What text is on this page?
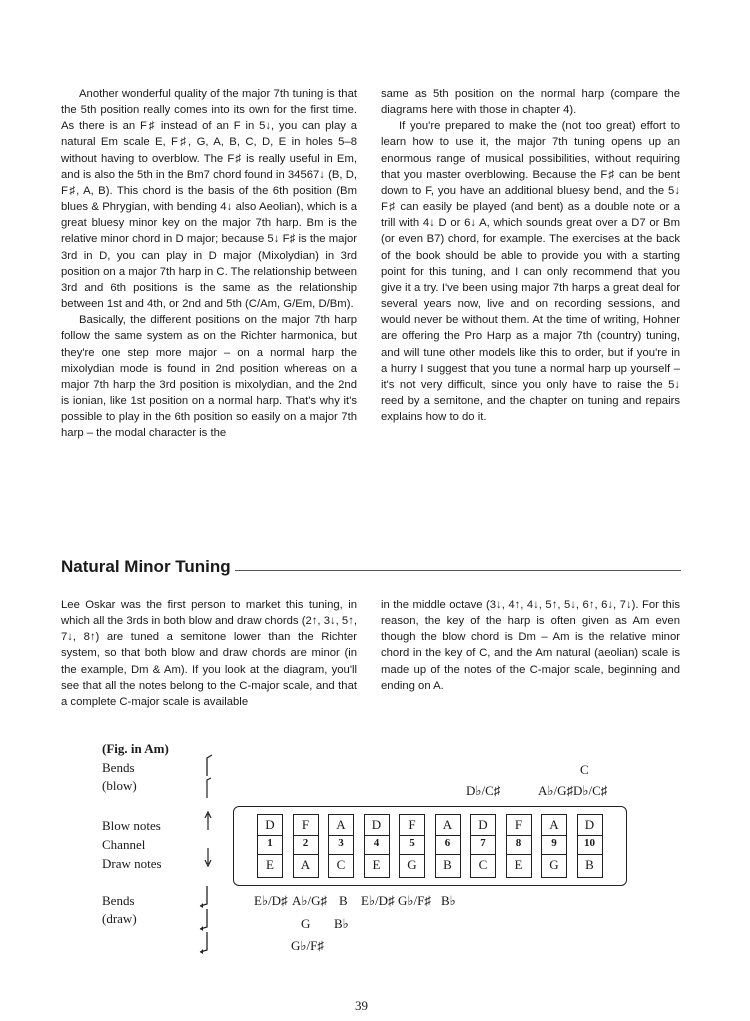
Another wonderful quality of the major 7th tuning is that the 5th position really comes into its own for the first time. As there is an F♯ instead of an F in 5↓, you can play a natural Em scale E, F♯, G, A, B, C, D, E in holes 5–8 without having to overblow. The F♯ is really useful in Em, and is also the 5th in the Bm7 chord found in 34567↓ (B, D, F♯, A, B). This chord is the basis of the 6th position (Bm blues & Phrygian, with bending 4↓ also Aeolian), which is a great bluesy minor key on the major 7th harp. Bm is the relative minor chord in D major; because 5↓ F♯ is the major 3rd in D, you can play in D major (Mixolydian) in 3rd position on a major 7th harp in C. The relationship between 3rd and 6th positions is the same as the relationship between 1st and 4th, or 2nd and 5th (C/Am, G/Em, D/Bm).

Basically, the different positions on the major 7th harp follow the same system as on the Richter harmonica, but they're one step more major – on a normal harp the mixolydian mode is found in 2nd position whereas on a major 7th harp the 3rd position is mixolydian, and the 2nd is ionian, like 1st position on a normal harp. That's why it's possible to play in the 6th position so easily on a major 7th harp – the modal character is the

same as 5th position on the normal harp (compare the diagrams here with those in chapter 4).

If you're prepared to make the (not too great) effort to learn how to use it, the major 7th tuning opens up an enormous range of musical possibilities, without requiring that you master overblowing. Because the F♯ can be bent down to F, you have an additional bluesy bend, and the 5↓ F♯ can easily be played (and bent) as a double note or a trill with 4↓ D or 6↓ A, which sounds great over a D7 or Bm (or even B7) chord, for example. The exercises at the back of the book should be able to provide you with a starting point for this tuning, and I can only recommend that you give it a try. I've been using major 7th harps a great deal for several years now, live and on recording sessions, and would never be without them. At the time of writing, Hohner are offering the Pro Harp as a major 7th (country) tuning, and will tune other models like this to order, but if you're in a hurry I suggest that you tune a normal harp up yourself – it's not very difficult, since you only have to raise the 5↓ reed by a semitone, and the chapter on tuning and repairs explains how to do it.

Natural Minor Tuning

Lee Oskar was the first person to market this tuning, in which all the 3rds in both blow and draw chords (2↑, 3↓, 5↑, 7↓, 8↑) are tuned a semitone lower than the Richter system, so that both blow and draw chords are minor (in the example, Dm & Am). If you look at the diagram, you'll see that all the notes belong to the C-major scale, and that a complete C-major scale is available

in the middle octave (3↓, 4↑, 4↓, 5↑, 5↓, 6↑, 6↓, 7↓). For this reason, the key of the harp is often given as Am even though the blow chord is Dm – Am is the relative minor chord in the key of C, and the Am natural (aeolian) scale is made up of the notes of the C-major scale, beginning and ending on A.

(Fig. in Am)
Bends
(blow)
Blow notes
Channel
Draw notes
Bends
(draw)
C
D♭/C♯	A♭/G♯ D♭/C♯
D
1
E
F
2
A
A
3
C
D
4
E
F
5
G
A
6
B
D
7
C
F
8
E
A
9
G
D
10
B
E♭/D♯ A♭/G♯ B E♭/D♯ G♭/F♯ B♭
G B♭
G♭/F♯
39
